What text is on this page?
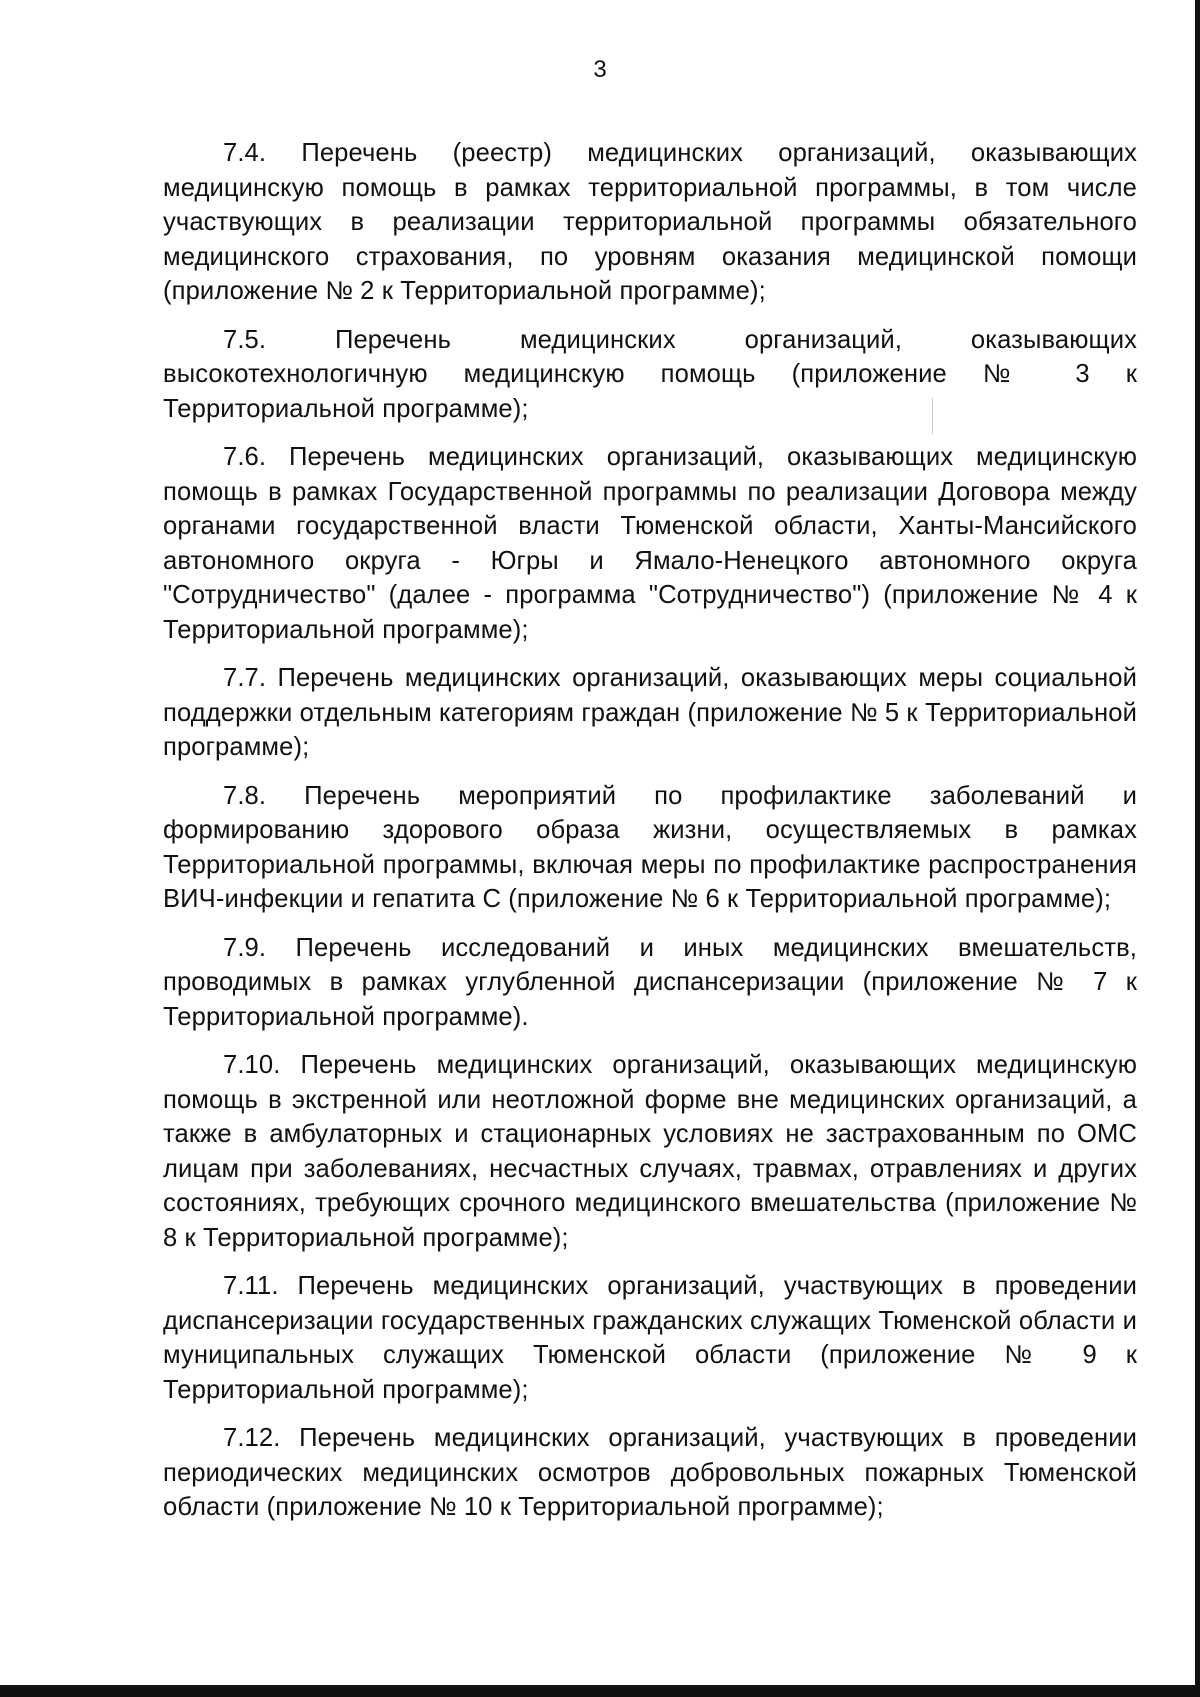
3

7.4. Перечень (реестр) медицинских организаций, оказывающих медицинскую помощь в рамках территориальной программы, в том числе участвующих в реализации территориальной программы обязательного медицинского страхования, по уровням оказания медицинской помощи (приложение № 2 к Территориальной программе);

7.5. Перечень медицинских организаций, оказывающих высокотехнологичную медицинскую помощь (приложение № 3 к Территориальной программе);

7.6. Перечень медицинских организаций, оказывающих медицинскую помощь в рамках Государственной программы по реализации Договора между органами государственной власти Тюменской области, Ханты-Мансийского автономного округа - Югры и Ямало-Ненецкого автономного округа "Сотрудничество" (далее - программа "Сотрудничество") (приложение № 4 к Территориальной программе);

7.7. Перечень медицинских организаций, оказывающих меры социальной поддержки отдельным категориям граждан (приложение № 5 к Территориальной программе);

7.8. Перечень мероприятий по профилактике заболеваний и формированию здорового образа жизни, осуществляемых в рамках Территориальной программы, включая меры по профилактике распространения ВИЧ-инфекции и гепатита С (приложение № 6 к Территориальной программе);

7.9. Перечень исследований и иных медицинских вмешательств, проводимых в рамках углубленной диспансеризации (приложение № 7 к Территориальной программе).

7.10. Перечень медицинских организаций, оказывающих медицинскую помощь в экстренной или неотложной форме вне медицинских организаций, а также в амбулаторных и стационарных условиях не застрахованным по ОМС лицам при заболеваниях, несчастных случаях, травмах, отравлениях и других состояниях, требующих срочного медицинского вмешательства (приложение № 8 к Территориальной программе);

7.11. Перечень медицинских организаций, участвующих в проведении диспансеризации государственных гражданских служащих Тюменской области и муниципальных служащих Тюменской области (приложение № 9 к Территориальной программе);

7.12. Перечень медицинских организаций, участвующих в проведении периодических медицинских осмотров добровольных пожарных Тюменской области (приложение № 10 к Территориальной программе);
